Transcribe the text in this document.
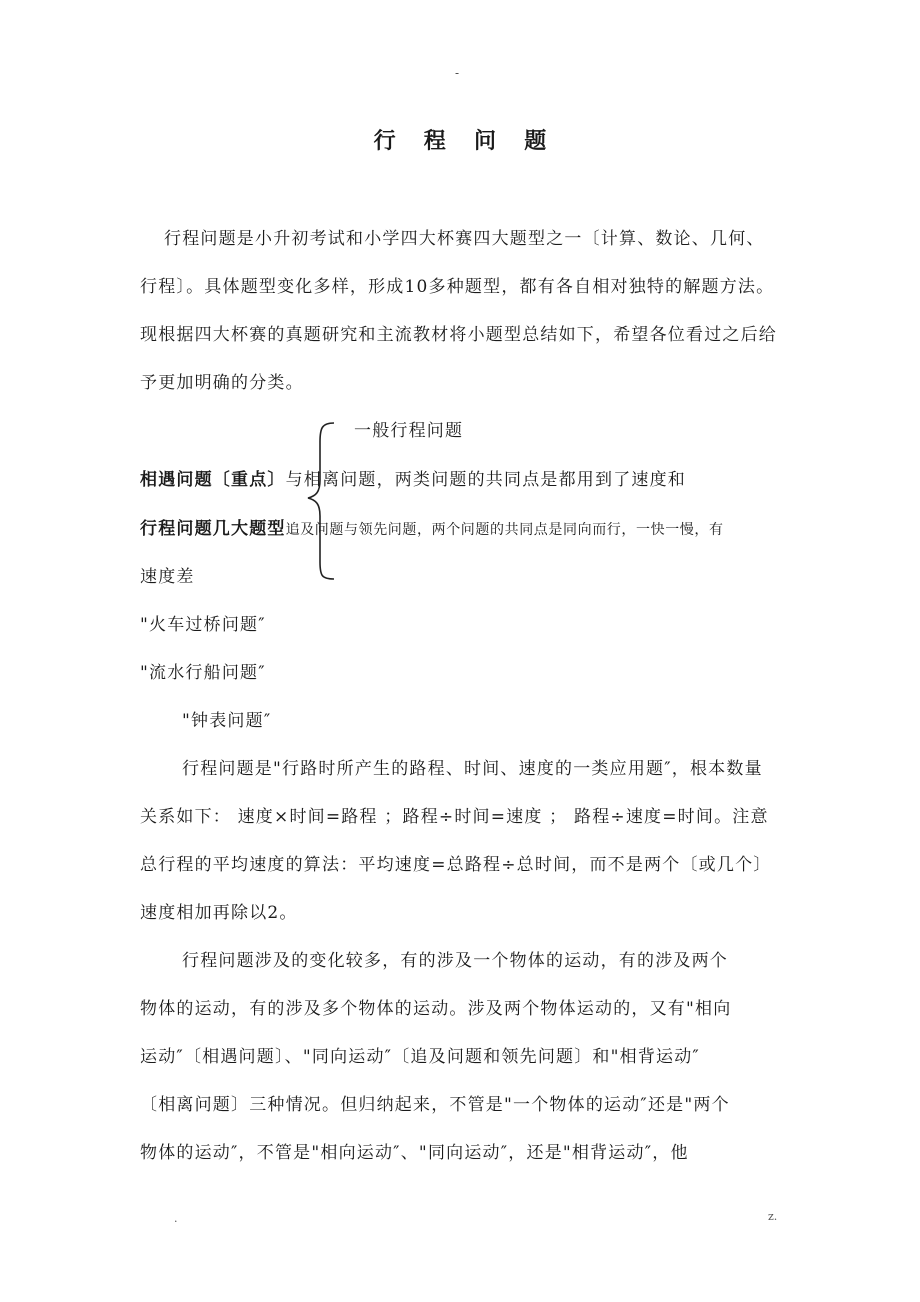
-
行 程 问 题
行程问题是小升初考试和小学四大杯赛四大题型之一〔计算、数论、几何、
行程〕。具体题型变化多样，形成10多种题型，都有各自相对独特的解题方法。
现根据四大杯赛的真题研究和主流教材将小题型总结如下，希望各位看过之后给
予更加明确的分类。
一般行程问题
相遇问题〔重点〕与相离问题，两类问题的共同点是都用到了速度和
行程问题几大题型追及问题与领先问题，两个问题的共同点是同向而行，一快一慢，有
速度差
"火车过桥问题″
"流水行船问题″
"钟表问题″
行程问题是"行路时所产生的路程、时间、速度的一类应用题″，根本数量
关系如下： 速度×时间=路程 ；路程÷时间=速度 ； 路程÷速度=时间。注意
总行程的平均速度的算法：平均速度=总路程÷总时间，而不是两个〔或几个〕
速度相加再除以2。
行程问题涉及的变化较多，有的涉及一个物体的运动，有的涉及两个
物体的运动，有的涉及多个物体的运动。涉及两个物体运动的，又有"相向
运动″〔相遇问题〕、"同向运动″〔追及问题和领先问题〕和"相背运动″
〔相离问题〕三种情况。但归纳起来，不管是"一个物体的运动″还是"两个
物体的运动″，不管是"相向运动″、"同向运动″，还是"相背运动″，他
.	z.
